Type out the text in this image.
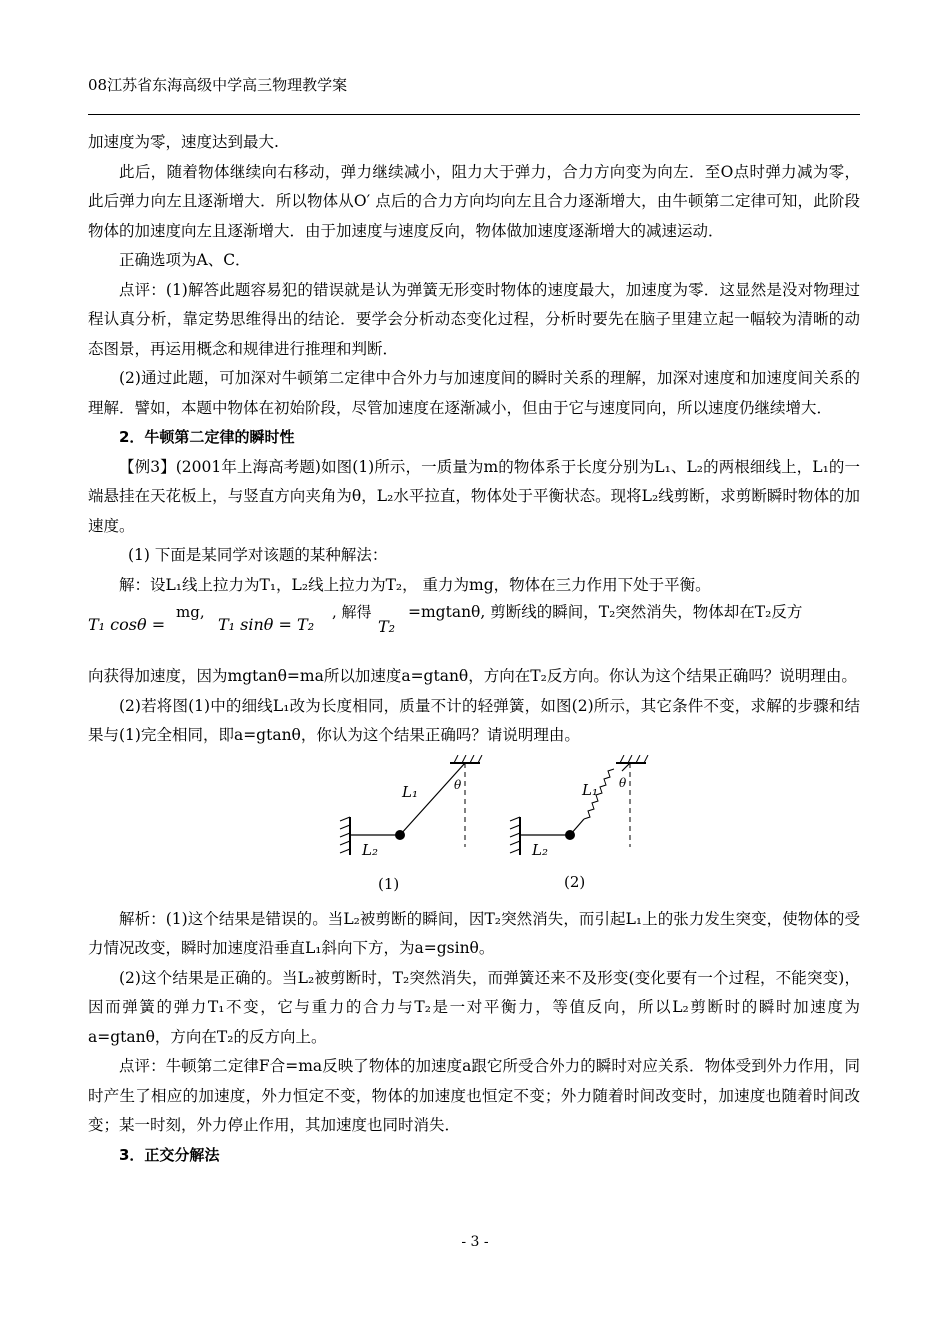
08江苏省东海高级中学高三物理教学案

加速度为零，速度达到最大.

此后，随着物体继续向右移动，弹力继续减小，阻力大于弹力，合力方向变为向左．至O点时弹力减为零，此后弹力向左且逐渐增大．所以物体从O′ 点后的合力方向均向左且合力逐渐增大，由牛顿第二定律可知，此阶段物体的加速度向左且逐渐增大．由于加速度与速度反向，物体做加速度逐渐增大的减速运动．

正确选项为A、C．

点评：(1)解答此题容易犯的错误就是认为弹簧无形变时物体的速度最大，加速度为零．这显然是没对物理过程认真分析，靠定势思维得出的结论．要学会分析动态变化过程，分析时要先在脑子里建立起一幅较为清晰的动态图景，再运用概念和规律进行推理和判断．

(2)通过此题，可加深对牛顿第二定律中合外力与加速度间的瞬时关系的理解，加深对速度和加速度间关系的理解．譬如，本题中物体在初始阶段，尽管加速度在逐渐减小，但由于它与速度同向，所以速度仍继续增大．

2．牛顿第二定律的瞬时性

【例3】(2001年上海高考题)如图(1)所示，一质量为m的物体系于长度分别为L₁、L₂的两根细线上，L₁的一端悬挂在天花板上，与竖直方向夹角为θ，L₂水平拉直，物体处于平衡状态。现将L₂线剪断，求剪断瞬时物体的加速度。

(1) 下面是某同学对该题的某种解法：

解：设L₁线上拉力为T₁，L₂线上拉力为T₂， 重力为mg，物体在三力作用下处于平衡。

T₁ cosθ =
mg,
T₁ sinθ = T₂
, 解得
T₂
=mgtanθ, 剪断线的瞬间，T₂突然消失，物体却在T₂反方

向获得加速度，因为mgtanθ=ma所以加速度a=gtanθ，方向在T₂反方向。你认为这个结果正确吗？说明理由。

(2)若将图(1)中的细线L₁改为长度相同，质量不计的轻弹簧，如图(2)所示，其它条件不变，求解的步骤和结果与(1)完全相同，即a=gtanθ，你认为这个结果正确吗？请说明理由。

L₁
L₂
θ
(1)
L₁
L₂
θ
(2)

解析：(1)这个结果是错误的。当L₂被剪断的瞬间，因T₂突然消失，而引起L₁上的张力发生突变，使物体的受力情况改变，瞬时加速度沿垂直L₁斜向下方，为a=gsinθ。

(2)这个结果是正确的。当L₂被剪断时，T₂突然消失，而弹簧还来不及形变(变化要有一个过程，不能突变)，因而弹簧的弹力T₁不变，它与重力的合力与T₂是一对平衡力，等值反向，所以L₂剪断时的瞬时加速度为a=gtanθ，方向在T₂的反方向上。

点评：牛顿第二定律F合=ma反映了物体的加速度a跟它所受合外力的瞬时对应关系．物体受到外力作用，同时产生了相应的加速度，外力恒定不变，物体的加速度也恒定不变；外力随着时间改变时，加速度也随着时间改变；某一时刻，外力停止作用，其加速度也同时消失．

3．正交分解法

- 3 -
